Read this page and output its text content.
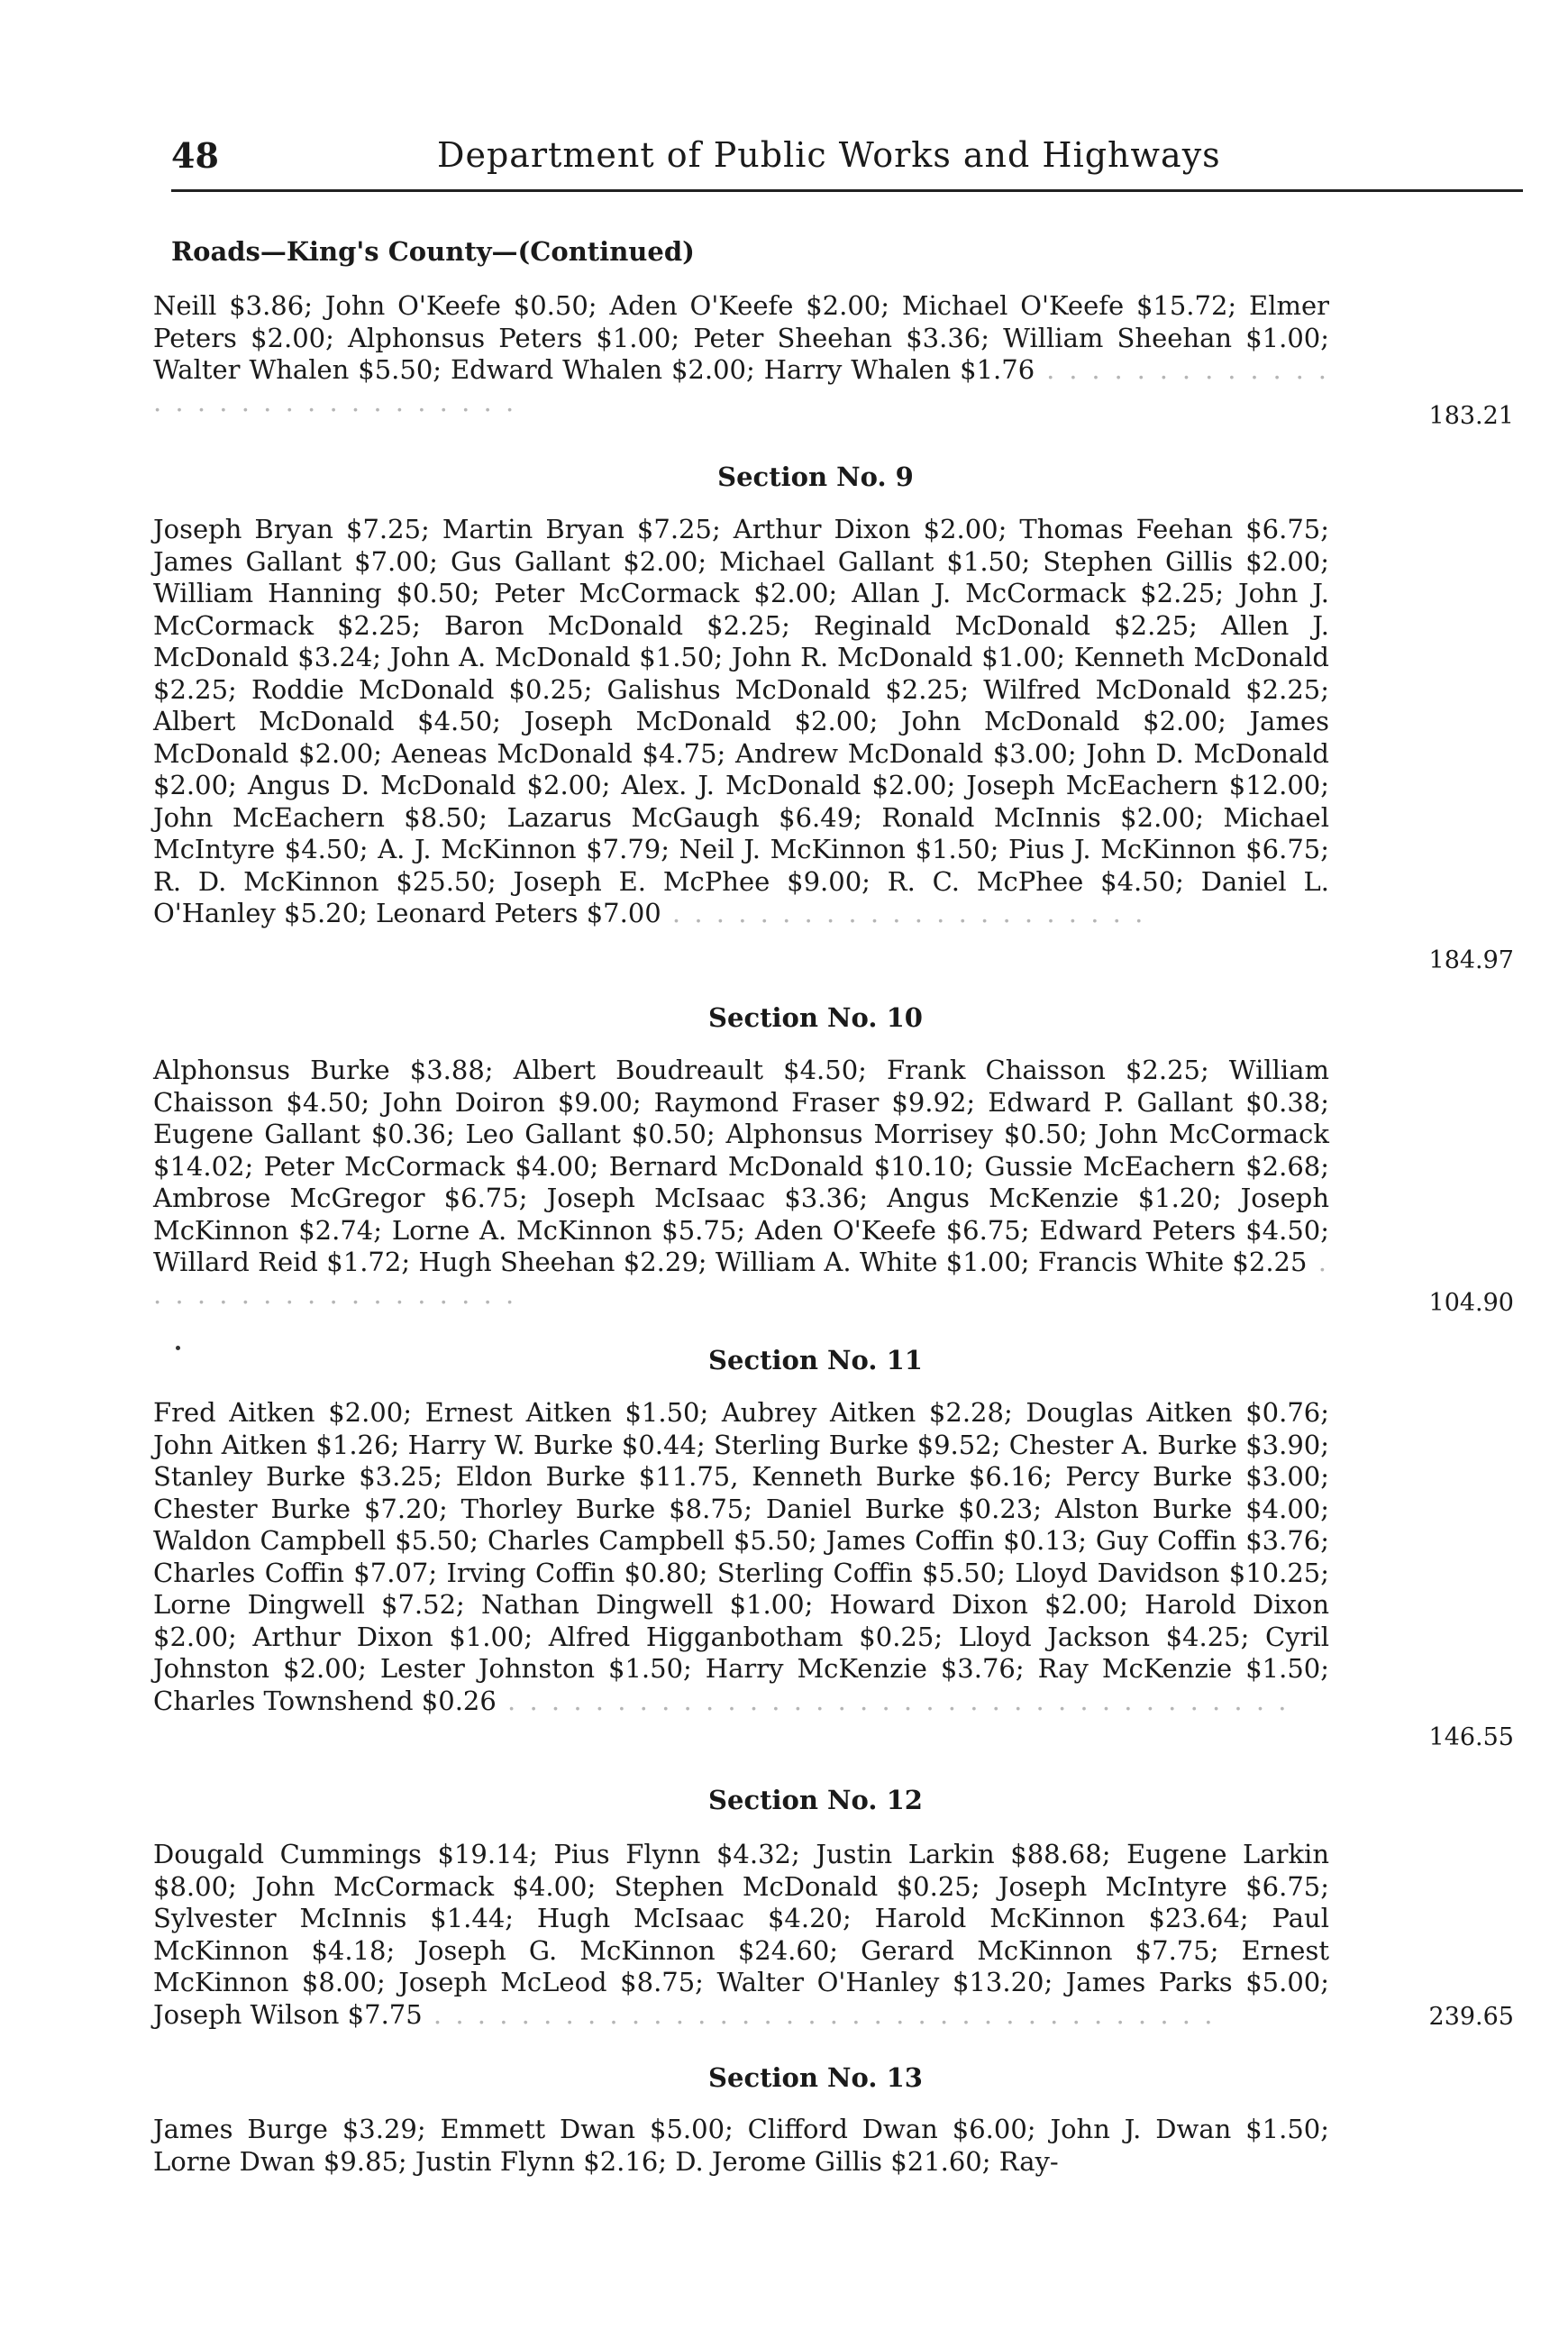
48	Department of Public Works and Highways
Roads—King's County—(Continued)

Neill $3.86; John O'Keefe $0.50; Aden O'Keefe $2.00; Michael O'Keefe $15.72; Elmer Peters $2.00; Alphonsus Peters $1.00; Peter Sheehan $3.36; William Sheehan $1.00; Walter Whalen $5.50; Edward Whalen $2.00; Harry Whalen $1.76 . . . . . . . . . . . . . . . . . . . . . . . . . . . . . .	183.21
Section No. 9

Joseph Bryan $7.25; Martin Bryan $7.25; Arthur Dixon $2.00; Thomas Feehan $6.75; James Gallant $7.00; Gus Gallant $2.00; Michael Gallant $1.50; Stephen Gillis $2.00; William Hanning $0.50; Peter McCormack $2.00; Allan J. McCormack $2.25; John J. McCormack $2.25; Baron McDonald $2.25; Reginald McDonald $2.25; Allen J. McDonald $3.24; John A. McDonald $1.50; John R. McDonald $1.00; Kenneth McDonald $2.25; Roddie McDonald $0.25; Galishus McDonald $2.25; Wilfred McDonald $2.25; Albert McDonald $4.50; Joseph McDonald $2.00; John McDonald $2.00; James McDonald $2.00; Aeneas McDonald $4.75; Andrew McDonald $3.00; John D. McDonald $2.00; Angus D. McDonald $2.00; Alex. J. McDonald $2.00; Joseph McEachern $12.00; John McEachern $8.50; Lazarus McGaugh $6.49; Ronald McInnis $2.00; Michael McIntyre $4.50; A. J. McKinnon $7.79; Neil J. McKinnon $1.50; Pius J. McKinnon $6.75; R. D. McKinnon $25.50; Joseph E. McPhee $9.00; R. C. McPhee $4.50; Daniel L. O'Hanley $5.20; Leonard Peters $7.00 . . . . . . . . . . . . . . . . . . . . . .

184.97
Section No. 10

Alphonsus Burke $3.88; Albert Boudreault $4.50; Frank Chaisson $2.25; William Chaisson $4.50; John Doiron $9.00; Raymond Fraser $9.92; Edward P. Gallant $0.38; Eugene Gallant $0.36; Leo Gallant $0.50; Alphonsus Morrisey $0.50; John McCormack $14.02; Peter McCormack $4.00; Bernard McDonald $10.10; Gussie McEachern $2.68; Ambrose McGregor $6.75; Joseph McIsaac $3.36; Angus McKenzie $1.20; Joseph McKinnon $2.74; Lorne A. McKinnon $5.75; Aden O'Keefe $6.75; Edward Peters $4.50; Willard Reid $1.72; Hugh Sheehan $2.29; William A. White $1.00; Francis White $2.25 . . . . . . . . . . . . . . . . . .	104.90
Section No. 11

Fred Aitken $2.00; Ernest Aitken $1.50; Aubrey Aitken $2.28; Douglas Aitken $0.76; John Aitken $1.26; Harry W. Burke $0.44; Sterling Burke $9.52; Chester A. Burke $3.90; Stanley Burke $3.25; Eldon Burke $11.75, Kenneth Burke $6.16; Percy Burke $3.00; Chester Burke $7.20; Thorley Burke $8.75; Daniel Burke $0.23; Alston Burke $4.00; Waldon Campbell $5.50; Charles Campbell $5.50; James Coffin $0.13; Guy Coffin $3.76; Charles Coffin $7.07; Irving Coffin $0.80; Sterling Coffin $5.50; Lloyd Davidson $10.25; Lorne Dingwell $7.52; Nathan Dingwell $1.00; Howard Dixon $2.00; Harold Dixon $2.00; Arthur Dixon $1.00; Alfred Higganbotham $0.25; Lloyd Jackson $4.25; Cyril Johnston $2.00; Lester Johnston $1.50; Harry McKenzie $3.76; Ray McKenzie $1.50; Charles Townshend $0.26 . . . . . . . . . . . . . . . . . . . . . . . . . . . . . . . . . . . .

146.55
Section No. 12

Dougald Cummings $19.14; Pius Flynn $4.32; Justin Larkin $88.68; Eugene Larkin $8.00; John McCormack $4.00; Stephen McDonald $0.25; Joseph McIntyre $6.75; Sylvester McInnis $1.44; Hugh McIsaac $4.20; Harold McKinnon $23.64; Paul McKinnon $4.18; Joseph G. McKinnon $24.60; Gerard McKinnon $7.75; Ernest McKinnon $8.00; Joseph McLeod $8.75; Walter O'Hanley $13.20; James Parks $5.00; Joseph Wilson $7.75 . . . . . . . . . . . . . . . . . . . . . . . . . . . . . . . . . . . .	239.65
Section No. 13

James Burge $3.29; Emmett Dwan $5.00; Clifford Dwan $6.00; John J. Dwan $1.50; Lorne Dwan $9.85; Justin Flynn $2.16; D. Jerome Gillis $21.60; Ray-
